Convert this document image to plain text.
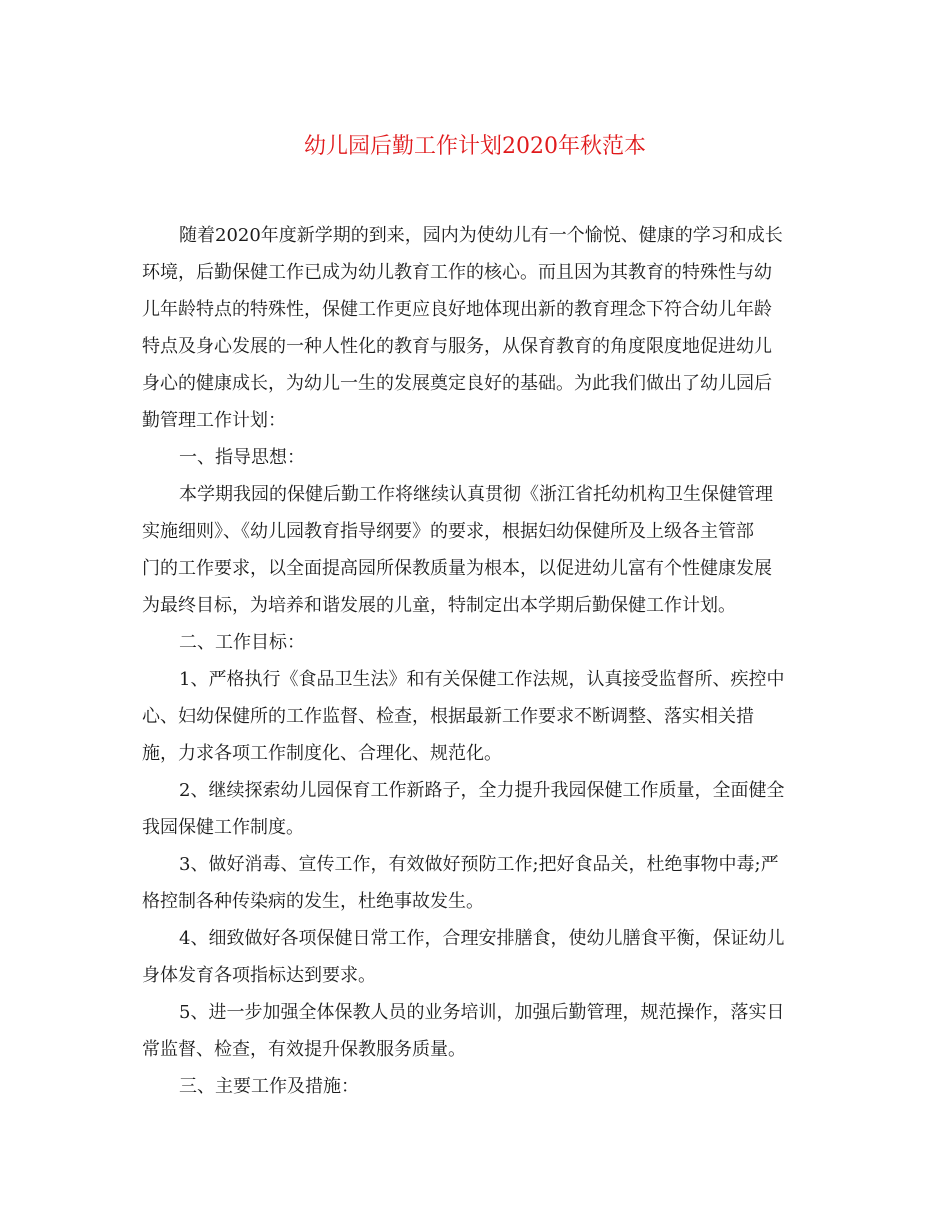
幼儿园后勤工作计划2020年秋范本
随着2020年度新学期的到来，园内为使幼儿有一个愉悦、健康的学习和成长
环境，后勤保健工作已成为幼儿教育工作的核心。而且因为其教育的特殊性与幼
儿年龄特点的特殊性，保健工作更应良好地体现出新的教育理念下符合幼儿年龄
特点及身心发展的一种人性化的教育与服务，从保育教育的角度限度地促进幼儿
身心的健康成长，为幼儿一生的发展奠定良好的基础。为此我们做出了幼儿园后
勤管理工作计划：
一、指导思想：
本学期我园的保健后勤工作将继续认真贯彻《浙江省托幼机构卫生保健管理
实施细则》、《幼儿园教育指导纲要》的要求，根据妇幼保健所及上级各主管部
门的工作要求，以全面提高园所保教质量为根本，以促进幼儿富有个性健康发展
为最终目标，为培养和谐发展的儿童，特制定出本学期后勤保健工作计划。
二、工作目标：
1、严格执行《食品卫生法》和有关保健工作法规，认真接受监督所、疾控中
心、妇幼保健所的工作监督、检查，根据最新工作要求不断调整、落实相关措
施，力求各项工作制度化、合理化、规范化。
2、继续探索幼儿园保育工作新路子，全力提升我园保健工作质量，全面健全
我园保健工作制度。
3、做好消毒、宣传工作，有效做好预防工作;把好食品关，杜绝事物中毒;严
格控制各种传染病的发生，杜绝事故发生。
4、细致做好各项保健日常工作，合理安排膳食，使幼儿膳食平衡，保证幼儿
身体发育各项指标达到要求。
5、进一步加强全体保教人员的业务培训，加强后勤管理，规范操作，落实日
常监督、检查，有效提升保教服务质量。
三、主要工作及措施：
